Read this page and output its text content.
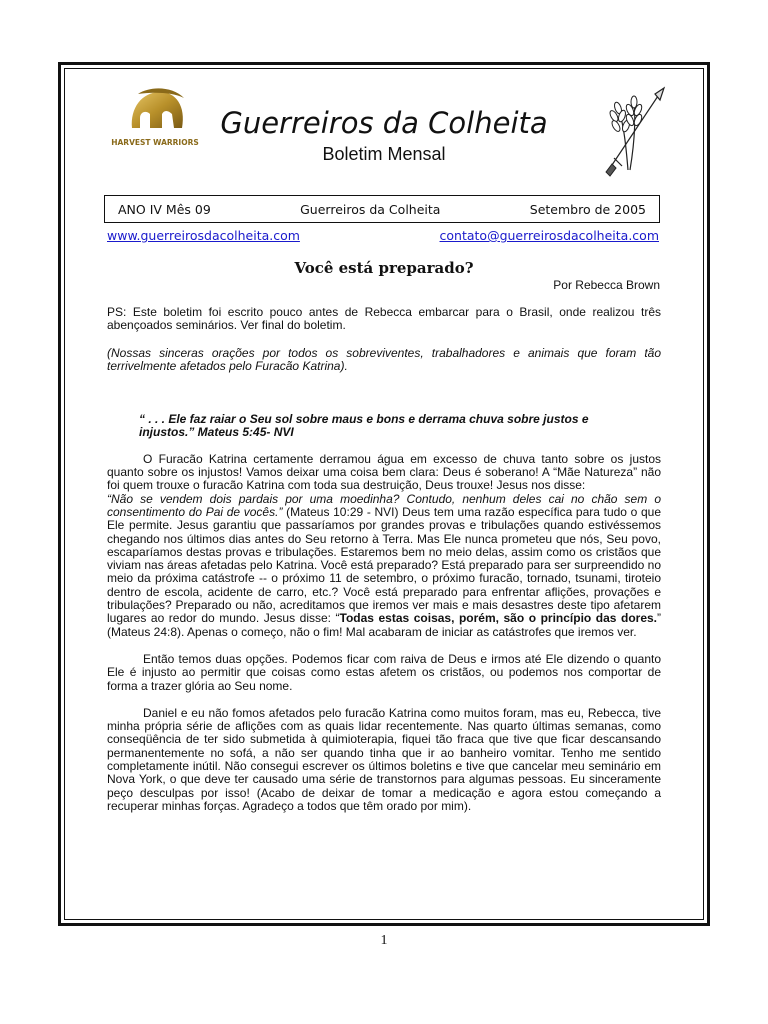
HARVEST WARRIORS
Guerreiros da Colheita
Boletim Mensal
ANO IV Mês 09	Guerreiros da Colheita	Setembro de 2005
www.guerreirosdacolheita.com	contato@guerreirosdacolheita.com
Você está preparado?
Por Rebecca Brown

PS: Este boletim foi escrito pouco antes de Rebecca embarcar para o Brasil, onde realizou três abençoados seminários. Ver final do boletim.

(Nossas sinceras orações por todos os sobreviventes, trabalhadores e animais que foram tão terrivelmente afetados pelo Furacão Katrina).

“ . . . Ele faz raiar o Seu sol sobre maus e bons e derrama chuva sobre justos e injustos.” Mateus 5:45- NVI

O Furacão Katrina certamente derramou água em excesso de chuva tanto sobre os justos quanto sobre os injustos! Vamos deixar uma coisa bem clara: Deus é soberano! A “Mãe Natureza” não foi quem trouxe o furacão Katrina com toda sua destruição, Deus trouxe! Jesus nos disse:
“Não se vendem dois pardais por uma moedinha? Contudo, nenhum deles cai no chão sem o consentimento do Pai de vocês.” (Mateus 10:29 - NVI) Deus tem uma razão específica para tudo o que Ele permite. Jesus garantiu que passaríamos por grandes provas e tribulações quando estivéssemos chegando nos últimos dias antes do Seu retorno à Terra. Mas Ele nunca prometeu que nós, Seu povo, escaparíamos destas provas e tribulações. Estaremos bem no meio delas, assim como os cristãos que viviam nas áreas afetadas pelo Katrina. Você está preparado? Está preparado para ser surpreendido no meio da próxima catástrofe -- o próximo 11 de setembro, o próximo furacão, tornado, tsunami, tiroteio dentro de escola, acidente de carro, etc.? Você está preparado para enfrentar aflições, provações e tribulações? Preparado ou não, acreditamos que iremos ver mais e mais desastres deste tipo afetarem lugares ao redor do mundo. Jesus disse: “Todas estas coisas, porém, são o princípio das dores.” (Mateus 24:8). Apenas o começo, não o fim! Mal acabaram de iniciar as catástrofes que iremos ver.

Então temos duas opções. Podemos ficar com raiva de Deus e irmos até Ele dizendo o quanto Ele é injusto ao permitir que coisas como estas afetem os cristãos, ou podemos nos comportar de forma a trazer glória ao Seu nome.

Daniel e eu não fomos afetados pelo furacão Katrina como muitos foram, mas eu, Rebecca, tive minha própria série de aflições com as quais lidar recentemente. Nas quarto últimas semanas, como conseqüência de ter sido submetida à quimioterapia, fiquei tão fraca que tive que ficar descansando permanentemente no sofá, a não ser quando tinha que ir ao banheiro vomitar. Tenho me sentido completamente inútil. Não consegui escrever os últimos boletins e tive que cancelar meu seminário em Nova York, o que deve ter causado uma série de transtornos para algumas pessoas. Eu sinceramente peço desculpas por isso! (Acabo de deixar de tomar a medicação e agora estou começando a recuperar minhas forças. Agradeço a todos que têm orado por mim).

1
